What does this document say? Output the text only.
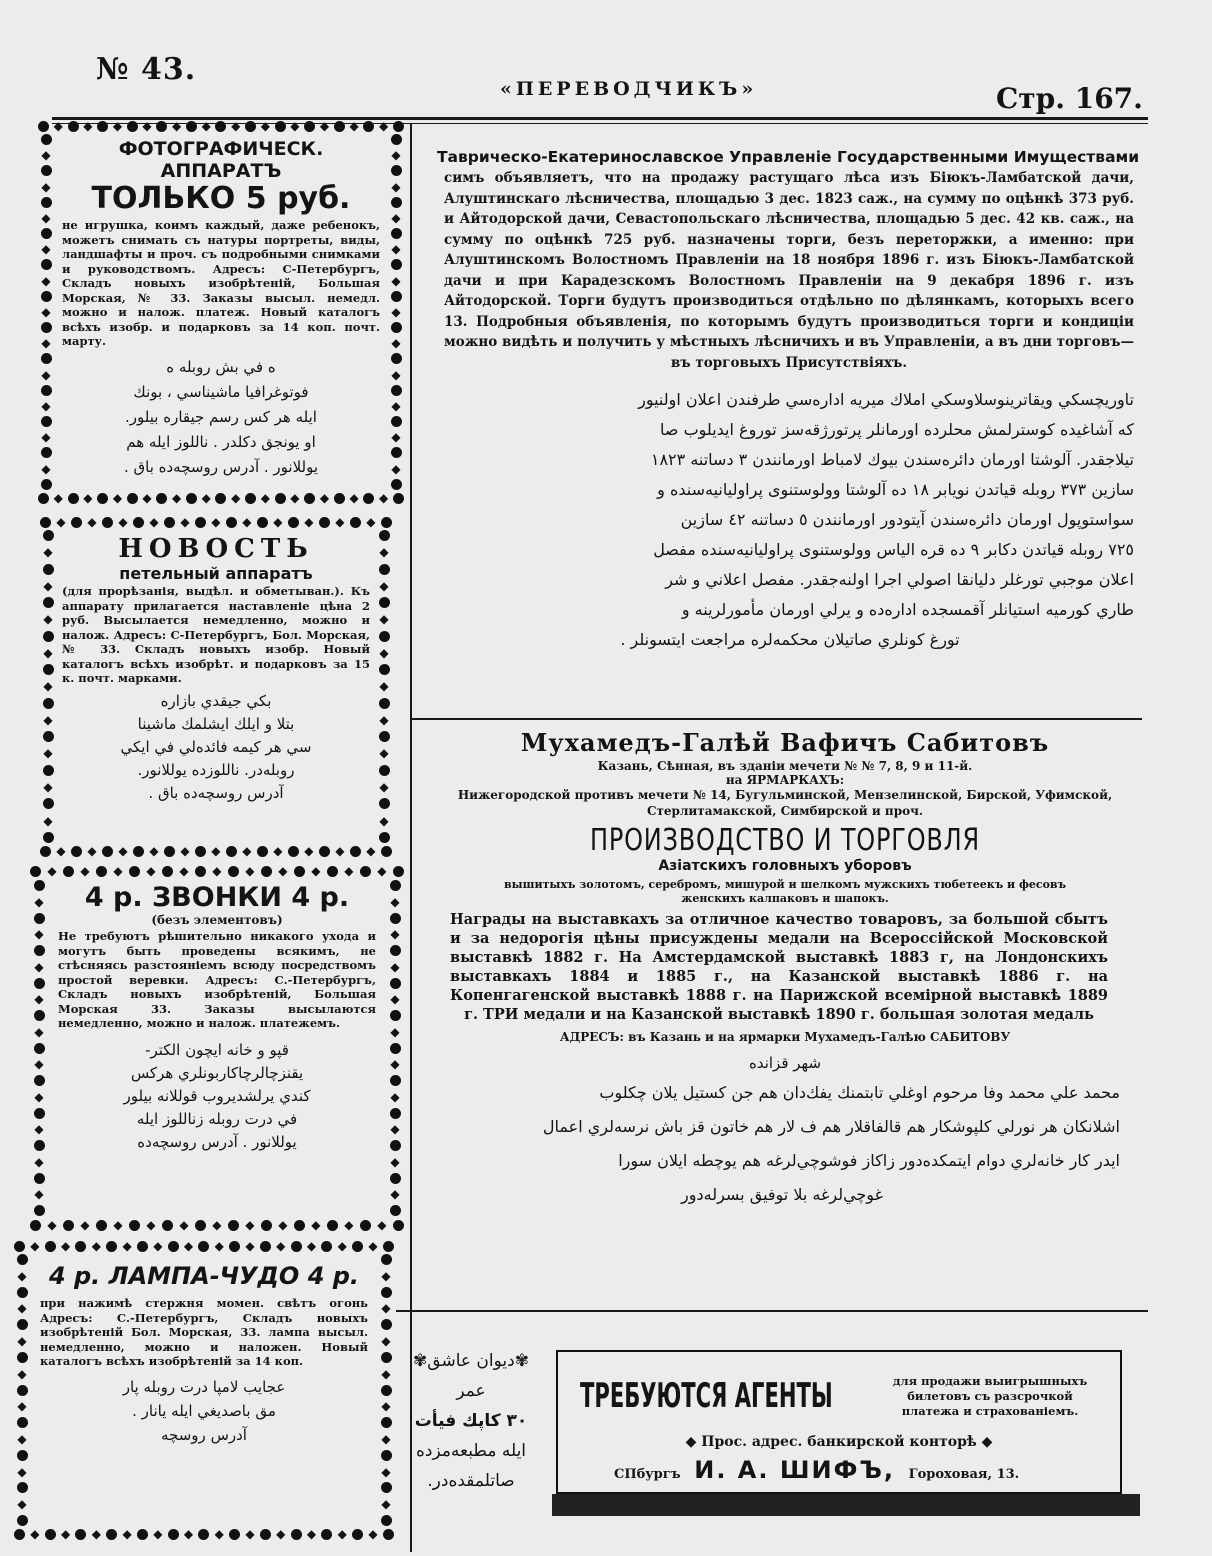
№ 43.
«ПЕРЕВОДЧИКЪ»	Стр. 167.
◆ ◆ ◆ ◆ ◆ ◆ ◆ ◆ ◆ ◆ ◆ ◆
◆ ◆ ◆ ◆ ◆ ◆ ◆ ◆ ◆ ◆ ◆ ◆
◆
◆
◆
◆
◆
◆
◆
◆
◆
◆
◆
◆
◆
◆
◆
◆
◆
◆
◆
◆
◆
◆
ФОТОГРАФИЧЕСК. АППАРАТЪ
ТОЛЬКО 5 руб.

не игрушка, коимъ каждый, даже ребенокъ, можетъ снимать съ натуры портреты, виды, ландшафты и проч. съ подробными снимками и руководствомъ. Адресъ: С-Петербургъ, Складъ новыхъ изобрѣтеній, Большая Морская, № 33. Заказы высыл. немедл. можно и налож. платеж. Новый каталогъ всѣхъ изобр. и подарковъ за 14 коп. почт. марту.

ه في بش روبله ه
فوتوغرافيا ماشيناسي ، بونك
ايله هر كس رسم جيقاره بيلور.
او يونجق دكلدر . ناللوز ايله هم
يوللانور . آدرس روسچه‌ده باق .
◆ ◆ ◆ ◆ ◆ ◆ ◆ ◆ ◆ ◆ ◆
◆ ◆ ◆ ◆ ◆ ◆ ◆ ◆ ◆ ◆ ◆
◆
◆
◆
◆
◆
◆
◆
◆
◆
◆
◆
◆
◆
◆
◆
◆
◆
◆
НОВОСТЬ
петельный аппаратъ

(для прорѣзанія, выдѣл. и обметыван.). Къ аппарату прилагается наставленіе цѣна 2 руб. Высылается немедленно, можно и налож. Адресъ: С-Петербургъ, Бол. Морская, № 33. Складъ новыхъ изобр. Новый каталогъ всѣхъ изобрѣт. и подарковъ за 15 к. почт. марками.

بكي جيقدي بازاره
بتلا و ايلك ايشلمك ماشينا
سي هر كيمه فائده‌لي في ايكي
روبله‌در. ناللوزده يوللانور.
آدرس روسچه‌ده باق .
◆ ◆ ◆ ◆ ◆ ◆ ◆ ◆ ◆ ◆ ◆
◆ ◆ ◆ ◆ ◆ ◆ ◆ ◆ ◆ ◆ ◆
◆
◆
◆
◆
◆
◆
◆
◆
◆
◆
◆
◆
◆
◆
◆
◆
◆
◆
◆
◆
4 р. ЗВОНКИ 4 р.
(безъ элементовъ)

Не требуютъ рѣшительно никакого ухода и могутъ быть проведены всякимъ, не стѣсняясь разстояніемъ всюду посредствомъ простой веревки. Адресъ: С.-Петербургъ, Складъ новыхъ изобрѣтеній, Большая Морская 33. Заказы высылаются немедленно, можно и налож. платежемъ.

قپو و خانه ايچون الكتر-
يقنزچالرچاكاربونلري هركس
كندي يرلشديروب قوللانه بيلور
في درت روبله زناللوز ايله
يوللانور . آدرس روسچه‌ده
◆ ◆ ◆ ◆ ◆ ◆ ◆ ◆ ◆ ◆ ◆ ◆
◆ ◆ ◆ ◆ ◆ ◆ ◆ ◆ ◆ ◆ ◆ ◆
◆
◆
◆
◆
◆
◆
◆
◆
◆
◆
◆
◆
◆
◆
◆
◆
4 р. ЛАМПА-ЧУДО 4 р.

при нажимѣ стержня момен. свѣтъ огонь Адресъ: С.-Петербургъ, Складъ новыхъ изобрѣтеній Бол. Морская, 33. лампа высыл. немедленно, можно и наложен. Новый каталогъ всѣхъ изобрѣтеній за 14 коп.

عجايب لامپا درت روبله پار
مق باصديغي ايله يانار .
آدرس روسچه
Таврическо-Екатеринославское Управленіе Государственными Имуществами

симъ объявляетъ, что на продажу растущаго лѣса изъ Біюкъ-Ламбатской дачи, Алуштинскаго лѣсничества, площадью 3 дес. 1823 саж., на сумму по оцѣнкѣ 373 руб. и Айтодорской дачи, Севастопольскаго лѣсничества, площадью 5 дес. 42 кв. саж., на сумму по оцѣнкѣ 725 руб. назначены торги, безъ переторжки, а именно: при Алуштинскомъ Волостномъ Правленіи на 18 ноября 1896 г. изъ Біюкъ-Ламбатской дачи и при Карадезскомъ Волостномъ Правленіи на 9 декабря 1896 г. изъ Айтодорской. Торги будутъ производиться отдѣльно по дѣлянкамъ, которыхъ всего 13. Подробныя объявленія, по которымъ будутъ производиться торги и кондиціи можно видѣть и получить у мѣстныхъ лѣсничихъ и въ Управленіи, а въ дни торговъ—въ торговыхъ Присутствіяхъ.

تاوريچسكي ويقاترينوسلاوسكي املاك ميريه اداره‌سي طرفندن اعلان اولنيور
كه آشاغيده كوسترلمش محلرده اورمانلر پرتورژقه‌سز توروغ ايديلوب صا
تيلاجقدر. آلوشتا اورمان دائره‌سندن بيوك لامباط اورمانندن ٣ دساتنه ١٨٢٣
سازين ٣٧٣ روبله قياتدن نويابر ١٨ ده آلوشتا وولوستنوى پراوليانيه‌سنده و
سواستوپول اورمان دائره‌سندن آيتودور اورمانندن ٥ دساتنه ٤٢ سازين
٧٢٥ روبله قياتدن دكابر ٩ ده قره الياس وولوستنوى پراوليانيه‌سنده مفصل
اعلان موجبي تورغلر دليانقا اصولي اجرا اولنه‌جقدر. مفصل اعلاني و شر
طاري كورميه استيانلر آقمسجده اداره‌ده و يرلي اورمان مأمورلرينه و
تورغ كونلري صاتيلان محكمه‌لره مراجعت ايتسونلر .
Мухамедъ-Галѣй Вафичъ Сабитовъ
Казань, Сѣнная, въ зданіи мечети № № 7, 8, 9 и 11-й.
на ЯРМАРКАХЪ:

Нижегородской противъ мечети № 14, Бугульминской, Мензелинской, Бирской, Уфимской, Стерлитамакской, Симбирской и проч.

ПРОИЗВОДСТВО И ТОРГОВЛЯ
Азіатскихъ головныхъ уборовъ

вышитыхъ золотомъ, серебромъ, мишурой и шелкомъ мужскихъ тюбетеекъ и фесовъ женскихъ калпаковъ и шапокъ.

Награды на выставкахъ за отличное качество товаровъ, за большой сбытъ и за недорогія цѣны присуждены медали на Всероссійской Московской выставкѣ 1882 г. На Амстердамской выставкѣ 1883 г, на Лондонскихъ выставкахъ 1884 и 1885 г., на Казанской выставкѣ 1886 г. на Копенгагенской выставкѣ 1888 г. на Парижской всемірной выставкѣ 1889 г. ТРИ медали и на Казанской выставкѣ 1890 г. большая золотая медаль

АДРЕСЪ: въ Казань и на ярмарки Мухамедъ-Галѣю САБИТОВУ
شهر قزانده
محمد علي محمد وفا مرحوم اوغلي تابتمنك يفك‌دان هم جن كستيل يلان چكلوب
اشلانكان هر نورلي كلپوشكار هم قالفاقلار هم ف لار هم خاتون قز باش نرسه‌لري اعمال
ايدر كار خانه‌لري دوام ايتمكده‌دور زاكاز فوشوچي‌لرغه هم يوچطه ايلان سورا
غوچي‌لرغه بلا توفيق بسرله‌دور
✾ديوان عاشق✾
عمر
٣٠ كاپك فيأت
ايله مطبعه‌مزده
صاتلمقده‌در.
ТРЕБУЮТСЯ АГЕНТЫ	для продажи выигрышныхъ билетовъ съ разсрочкой платежа и страхованіемъ.

◆ Прос. адрес. банкирской конторѣ ◆
СПбургъ И. А. ШИФЪ, Гороховая, 13.
